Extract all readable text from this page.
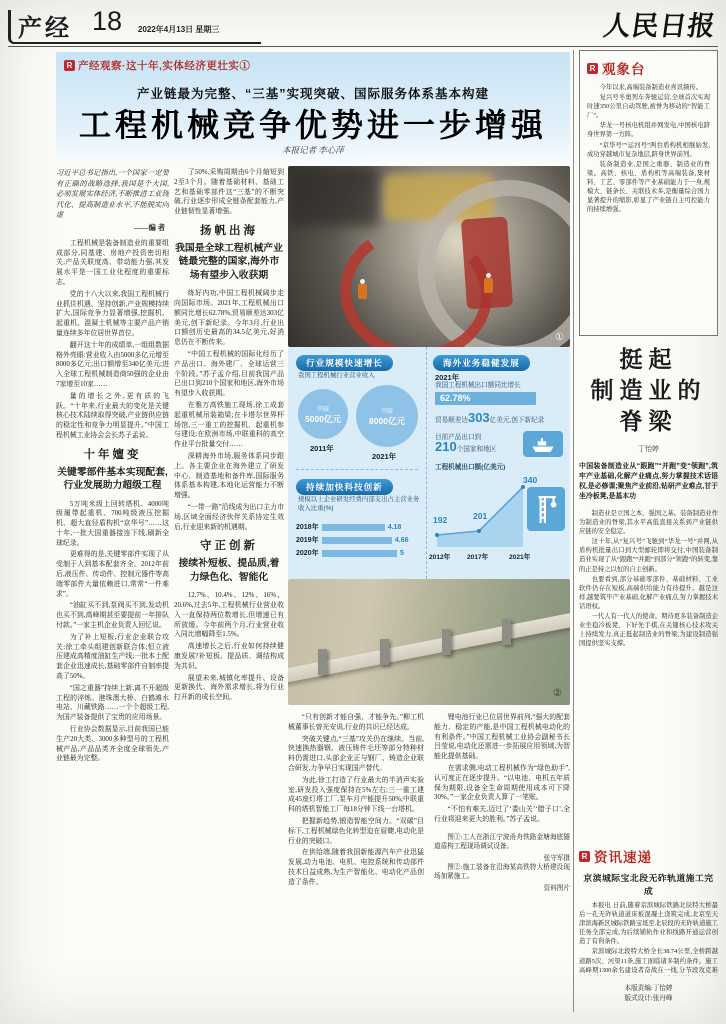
产经 18 2022年4月13日 星期三	人民日报
R 产经观察·这十年,实体经济更壮实①
产业链最为完整、“三基”实现突破、国际服务体系基本构建
工程机械竞争优势进一步增强
本报记者 李心萍
习近平总书记指出,一个国家一定要有正确的战略选择,我国是个大国,必须发展实体经济,不断推进工业现代化、提高制造业水平,不能脱实向虚
——编 者

工程机械是装备制造业的重要组成部分,同基建、房地产投资密切相关,产品关联度高、带动能力强,其发展水平是一国工业化程度的重要标志。

党的十八大以来,我国工程机械行业抓住机遇、坚持创新,产业规模持续扩大,国际竞争力显著增强,挖掘机、起重机、混凝土机械等主要产品产销量连续多年位居世界首位。

翻开这十年的成绩单,一组组数据格外亮眼:营业收入由5000多亿元增至8000多亿元;出口额增至340亿美元;进入全球工程机械制造商50强的企业由7家增至10家……

量的增长之外,更有质的飞跃。“十年来,行业最大的变化是关键核心技术陆续取得突破,产业链供应链的稳定性和竞争力明显提升。”中国工程机械工业协会会长苏子孟说。

十年嬗变
关键零部件基本实现配套,行业发展助力超级工程

5万吨米级上回转塔机、4000吨级履带起重机、700吨级液压挖掘机、超大直径盾构机“京华号”……这十年,一批大国重器接连下线,刷新全球纪录。

更难得的是,关键零部件实现了从受制于人到基本配套齐全。2012年前后,液压件、传动件、控制元器件等高端零部件大量依赖进口,常常“一件难求”。

“油缸买不到,泵阀买不到,发动机也买不到,高峰期甚至要提前一年排队付款。”一家主机企业负责人回忆说。

为了补上短板,行业企业联合攻关:徐工牵头组建创新联合体;恒立液压建成高精度油缸生产线;一批本土配套企业迅速成长,基础零部件自制率提高了50%。

“国之重器”持续上新,离不开超级工程的淬炼。港珠澳大桥、白鹤滩水电站、川藏铁路……一个个超级工程,为国产装备提供了宝贵的应用场景。

行业协会数据显示,目前我国已能生产20大类、3000多种型号的工程机械产品,产品品类齐全度全球领先,产业链最为完整。

了50%,采购周期由6个月缩短到2至3个月。随着基础材料、基础工艺和基础零部件这“三基”的不断突破,行业逐步形成全链条配套能力,产业链韧性显著增强。

扬帆出海
我国是全球工程机械产业链最完整的国家,海外市场有望步入收获期

练好内功,中国工程机械阔步走向国际市场。2021年,工程机械出口额同比增长62.78%,贸易顺差达303亿美元,创下新纪录。今年3月,行业出口额创历史最高的34.5亿美元,好消息仍在不断传来。

“中国工程机械的国际化经历了产品出口、海外建厂、全球运营三个阶段。”苏子孟介绍,目前我国产品已出口到210个国家和地区,海外市场有望步入收获期。

在雅万高铁施工现场,徐工成套起重机械吊装箱梁;在卡塔尔世界杯场馆,三一重工的挖掘机、起重机参与建设;在欧洲市场,中联重科的高空作业平台批量交付……

深耕海外市场,服务体系同步跟上。各主要企业在海外建立了研发中心、制造基地和备件库,国际服务体系基本构建,本地化运营能力不断增强。

“一带一路”沿线成为出口主力市场,区域全面经济伙伴关系协定生效后,行业迎来新的机遇期。

守正创新
接续补短板、提品质,着力绿色化、智能化

12.7%、10.4%、12%、16%、20.6%,过去5年,工程机械行业营业收入一直保持两位数增长,但增速已有所放缓。今年前两个月,行业营业收入同比增幅降至1.5%。

高速增长之后,行业如何持续健康发展?补短板、提品质、调结构成为共识。

展望未来,城镇化率提升、设备更新换代、海外需求增长,将为行业打开新的成长空间。

①
行业规模快速增长
我国工程机械行业营业收入
突破
5000亿元
2011年
突破
8000亿元
2021年
持续加快科技创新
规模以上企业研发经费内部支出占主营业务收入比重(%)
2018年	4.18
2019年	4.66
2020年	5
海外业务稳健发展
2021年
我国工程机械出口额同比增长
62.78%
贸易顺差达303亿美元,创下新纪录
目前产品出口到
210个国家和地区
工程机械出口额(亿美元)
192	201
340
2012年	2017年	2021年
②

“只有创新才能自强、才能争先。”柳工机械董事长曾光安说,行业的共识已经达成。

突破关键点,“三基”攻关仍在继续。当前,快速换热器钢、液压铸件毛坯等部分特种材料仍需进口,头部企业正与钢厂、铸造企业联合研发,力争早日实现国产替代。

为此,徐工打造了行业最大的半消声实验室,研发投入强度保持在5%左右;三一重工建成45座灯塔工厂,泵车月产能提升50%;中联重科的塔机智能工厂每18分钟下线一台塔机。

把握新趋势,锻造智能空间力。“双碳”目标下,工程机械绿色化转型迫在眉睫,电动化是行业的突破口。

在供给端,随着我国新能源汽车产业迅猛发展,动力电池、电机、电控系统和传动部件技术日益成熟,为生产智能化、电动化产品创造了条件。

锂电池行业已位居世界前列,“强大的配套能力、稳定的产能,是中国工程机械电动化的有利条件。”中国工程机械工业协会副秘书长吕莹说,电动化还需进一步拓展应用领域,为智能化提供基础。

在需求侧,电动工程机械作为“绿色助手”,认可度正在逐步提升。“以电池、电机五年质保为期限,设备全生命周期使用成本可下降30%。”一家企业负责人算了一笔账。

“不怕有难关,迈过了‘娄山关’‘腊子口’,全行业将迎来更大的胜利。”苏子孟说。

图①:工人在浙江宁波甬舟铁路金塘海底隧道盾构工程现场调试设备。

张守军摄

图②:施工装备在沿海某高铁特大桥建设现场加紧施工。

资料图片
R 观象台

今年以来,高端装备制造业喜讯频传。

复兴号冬奥列车奔驰运营,全球首次实现时速350公里自动驾驶,被誉为移动的“智能工厂”。

华龙一号核电机组并网发电,中国核电跻身世界第一方阵。

“京华号”“运河号”两台盾构机相继始发,成功穿越城市复杂地层,跻身世界前列。

装备制造业,是国之重器、制造业的脊梁。高铁、核电、盾构机等高端装备,集材料、工艺、零部件等产业基础能力于一身,规模大、链条长、关联技术多,是衡量综合国力显著提升的缩影,彰显了产业链自主可控能力的持续增强。

挺起
制造业的
脊梁
丁怡婷
中国装备制造业从“跟跑”“并跑”变“领跑”,筑牢产业基础,化解产业痛点,努力掌握技术话语权,是必修课;聚焦产业前沿,钻研产业难点,甘于坐冷板凳,是基本功

制造业是立国之本、强国之基。装备制造业作为制造业的脊梁,其水平高低直接关系到产业链供应链的安全稳定。

这十年,从“复兴号”飞驰到“华龙一号”并网,从盾构机批量出口到大型邮轮即将交付,中国装备制造业实现了从“跟跑”“并跑”到部分“领跑”的转变,靠的正是持之以恒的自主创新。

也要看到,部分基础零部件、基础材料、工业软件仍存在短板,高端供给能力有待提升。越是这样,越要筑牢产业基础,化解产业痛点,努力掌握技术话语权。

一代人有一代人的使命。期待更多装备制造企业坐稳冷板凳、下好先手棋,在关键核心技术攻关上持续发力,真正挺起制造业的脊梁,为建设制造强国提供坚实支撑。

R 资讯速递
京滨城际宝北段无砟轨道施工完成

本报电 日前,随着京滨城际铁路北辰特大桥最后一孔无砟轨道道床板混凝土浇筑完成,北京至天津滨海新区城际铁路宝坻至北辰段的无砟轨道施工任务全部完成,为后续铺轨作业和线路开通运营创造了有利条件。

京滨城际北段特大桥全长38.74公里,全桥跨越道路5次、河渠11条,施工面临诸多制约条件。施工高峰期1300余名建设者奋战在一线,分节段攻克难

本版责编:丁怡婷
版式设计:张丹峰
